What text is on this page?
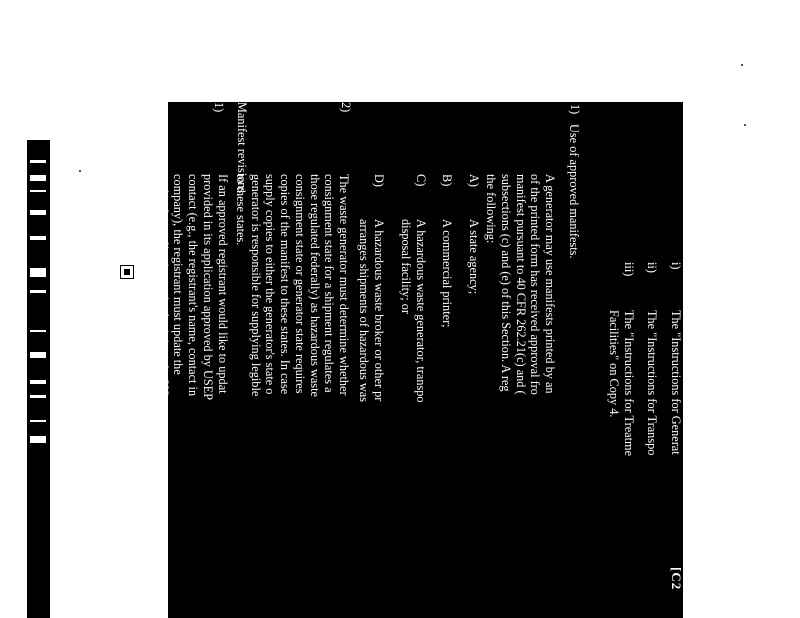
[C2

i)The "Instructions for Generat

ii)The "Instructions for Transpo

iii)The "Instructions for Treatme

Facilities" on Copy 4.

1)

Use of approved manifests.

A generator may use manifests printed by an

of the printed form has received approval fro

manifest pursuant to 40 CFR 262.21(c) and (

subsections (c) and (e) of this Section. A reg

the following:

A)A state agency;

B)A commercial printer;

C)A hazardous waste generator, transpo

disposal facility; or

D)A hazardous waste broker or other pr

arranges shipments of hazardous was

2)

The waste generator must determine whether

consignment state for a shipment regulates a

those regulated federally) as hazardous waste

consignment state or generator state requires

copies of the manifest to these states. In case

supply copies to either the generator's state o

generator is responsible for supplying legible

to these states.

Manifest revisions.
1)

If an approved registrant would like to updat

provided in its application approved by USEP

contact (e.g., the registrant's name, contact in

company), the registrant must update the

revise the application and submit it to the US

Resource Conservation and Recovery, along
